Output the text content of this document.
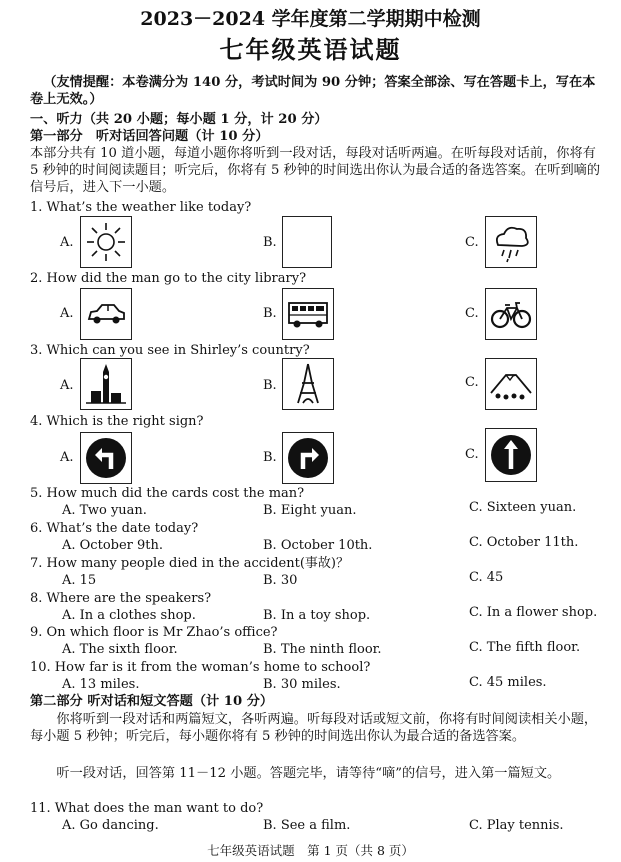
2023－2024 学年度第二学期期中检测
七年级英语试题
（友情提醒：本卷满分为 140 分，考试时间为 90 分钟；答案全部涂、写在答题卡上，写在本卷上无效。）
一、听力（共 20 小题；每小题 1 分，计 20 分）
第一部分　听对话回答问题（计 10 分）
本部分共有 10 道小题，每道小题你将听到一段对话，每段对话听两遍。在听每段对话前，你将有 5 秒钟的时间阅读题目；听完后，你将有 5 秒钟的时间选出你认为最合适的备选答案。在听到嘀的信号后，进入下一小题。
1. What’s the weather like today?
A.	B.	C.
2. How did the man go to the city library?
A.	B.	C.
3. Which can you see in Shirley’s country?
A.	B.	C.
4. Which is the right sign?
A.	B.	C.
5. How much did the cards cost the man?
A. Two yuan.	B. Eight yuan.	C. Sixteen yuan.
6. What’s the date today?
A. October 9th.	B. October 10th.	C. October 11th.
7. How many people died in the accident(事故)？
A. 15	B. 30	C. 45
8. Where are the speakers?
A. In a clothes shop.	B. In a toy shop.	C. In a flower shop.
9. On which floor is Mr Zhao’s office?
A. The sixth floor.	B. The ninth floor.	C. The fifth floor.
10. How far is it from the woman’s home to school?
A. 13 miles.	B. 30 miles.	C. 45 miles.
第二部分 听对话和短文答题（计 10 分）
你将听到一段对话和两篇短文，各听两遍。听每段对话或短文前，你将有时间阅读相关小题，每小题 5 秒钟；听完后，每小题你将有 5 秒钟的时间选出你认为最合适的备选答案。
听一段对话，回答第 11－12 小题。答题完毕，请等待“嘀”的信号，进入第一篇短文。
11. What does the man want to do?
A. Go dancing.	B. See a film.	C. Play tennis.
七年级英语试题　第 1 页（共 8 页）
